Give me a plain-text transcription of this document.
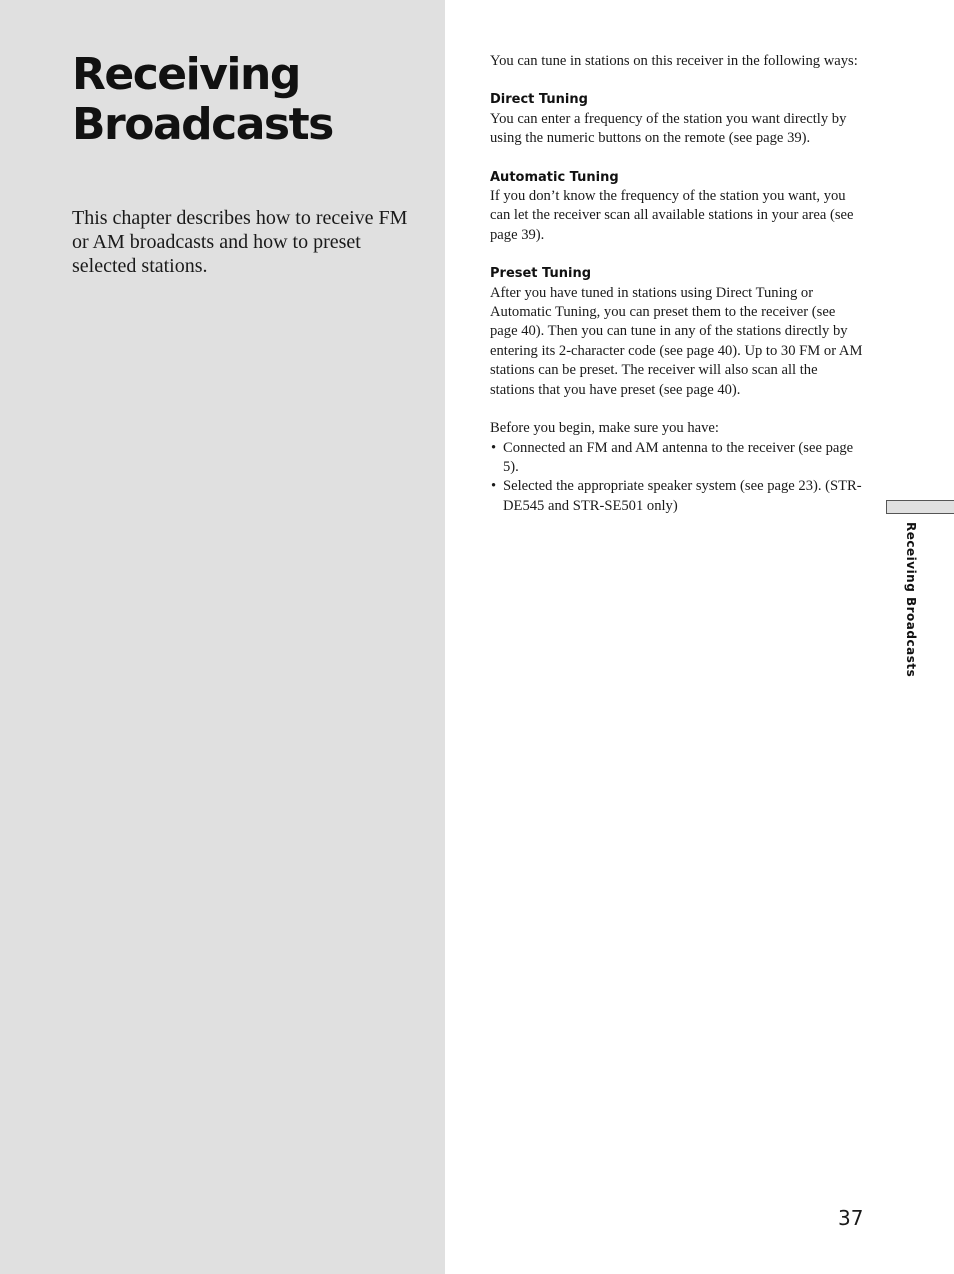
Receiving
Broadcasts

This chapter describes how to receive FM or AM broadcasts and how to preset selected stations.

You can tune in stations on this receiver in the following ways:

Direct Tuning

You can enter a frequency of the station you want directly by using the numeric buttons on the remote (see page 39).

Automatic Tuning

If you don’t know the frequency of the station you want, you can let the receiver scan all available stations in your area (see page 39).

Preset Tuning

After you have tuned in stations using Direct Tuning or Automatic Tuning, you can preset them to the receiver (see page 40). Then you can tune in any of the stations directly by entering its 2-character code (see page 40). Up to 30 FM or AM stations can be preset. The receiver will also scan all the stations that you have preset (see page 40).

Before you begin, make sure you have:

• Connected an FM and AM antenna to the receiver (see page 5).
• Selected the appropriate speaker system (see page 23). (STR-DE545 and STR-SE501 only)
Receiving Broadcasts
37
